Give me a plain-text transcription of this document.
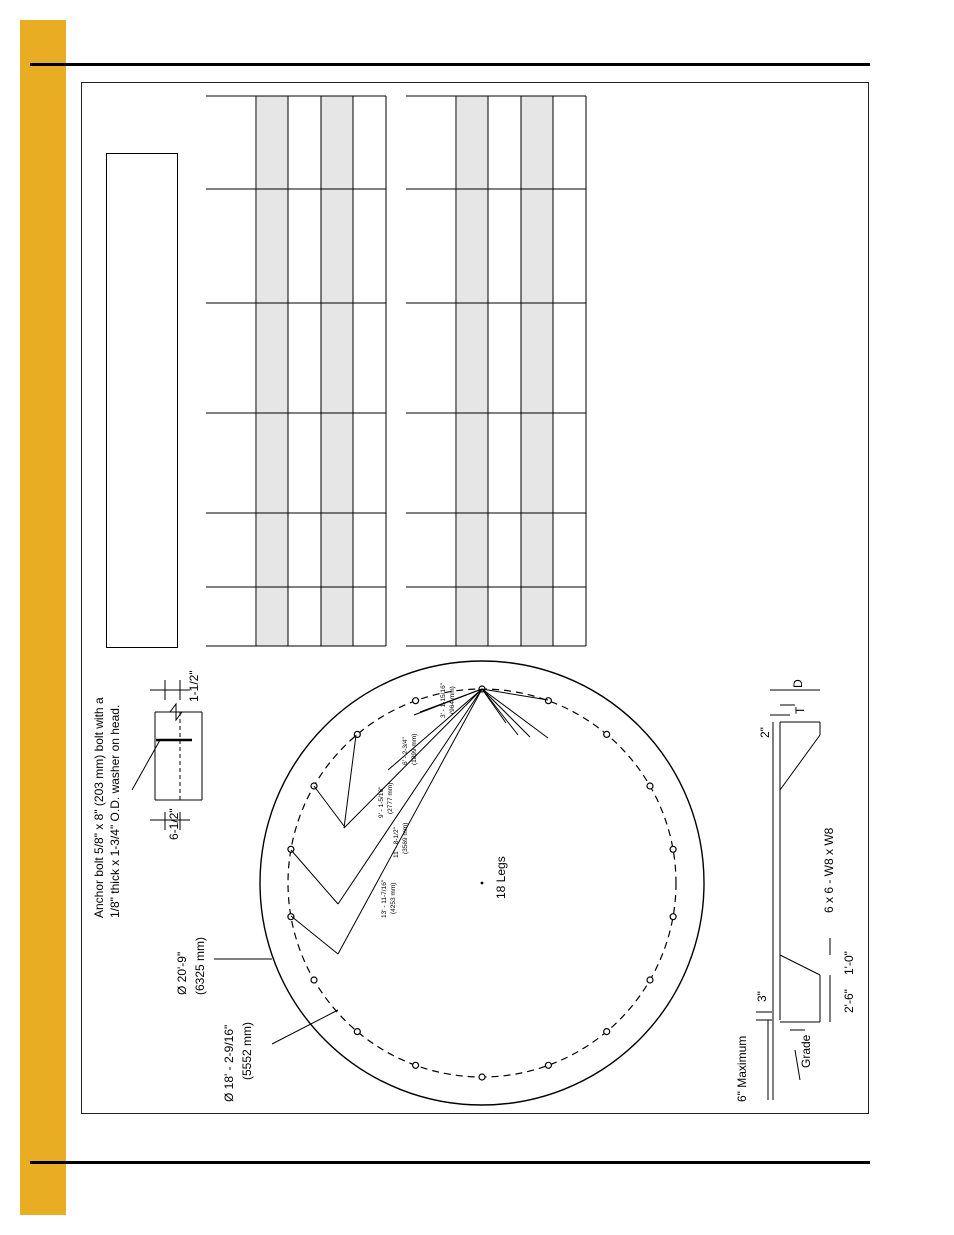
Anchor bolt 5/8" x 8" (203 mm) bolt with a 1/8" thick x 1-3/4" O.D. washer on head.	6-1/2"
1-1/2"
Ø 20'-9" (6325 mm)
Ø 18' - 2-9/16" (5552 mm)
18 Legs
3' - 1-15/16" (964 mm)
6' - 2-3/4" (1899 mm)
9' - 1-5/16" (2777 mm)
11' - 8-1/2" (3569 mm)
13' - 11-7/16" (4253 mm)
6" Maximum	Grade
3"	2'-6"
1'-0"
6 x 6 - W8 x W8
2"
T
D
